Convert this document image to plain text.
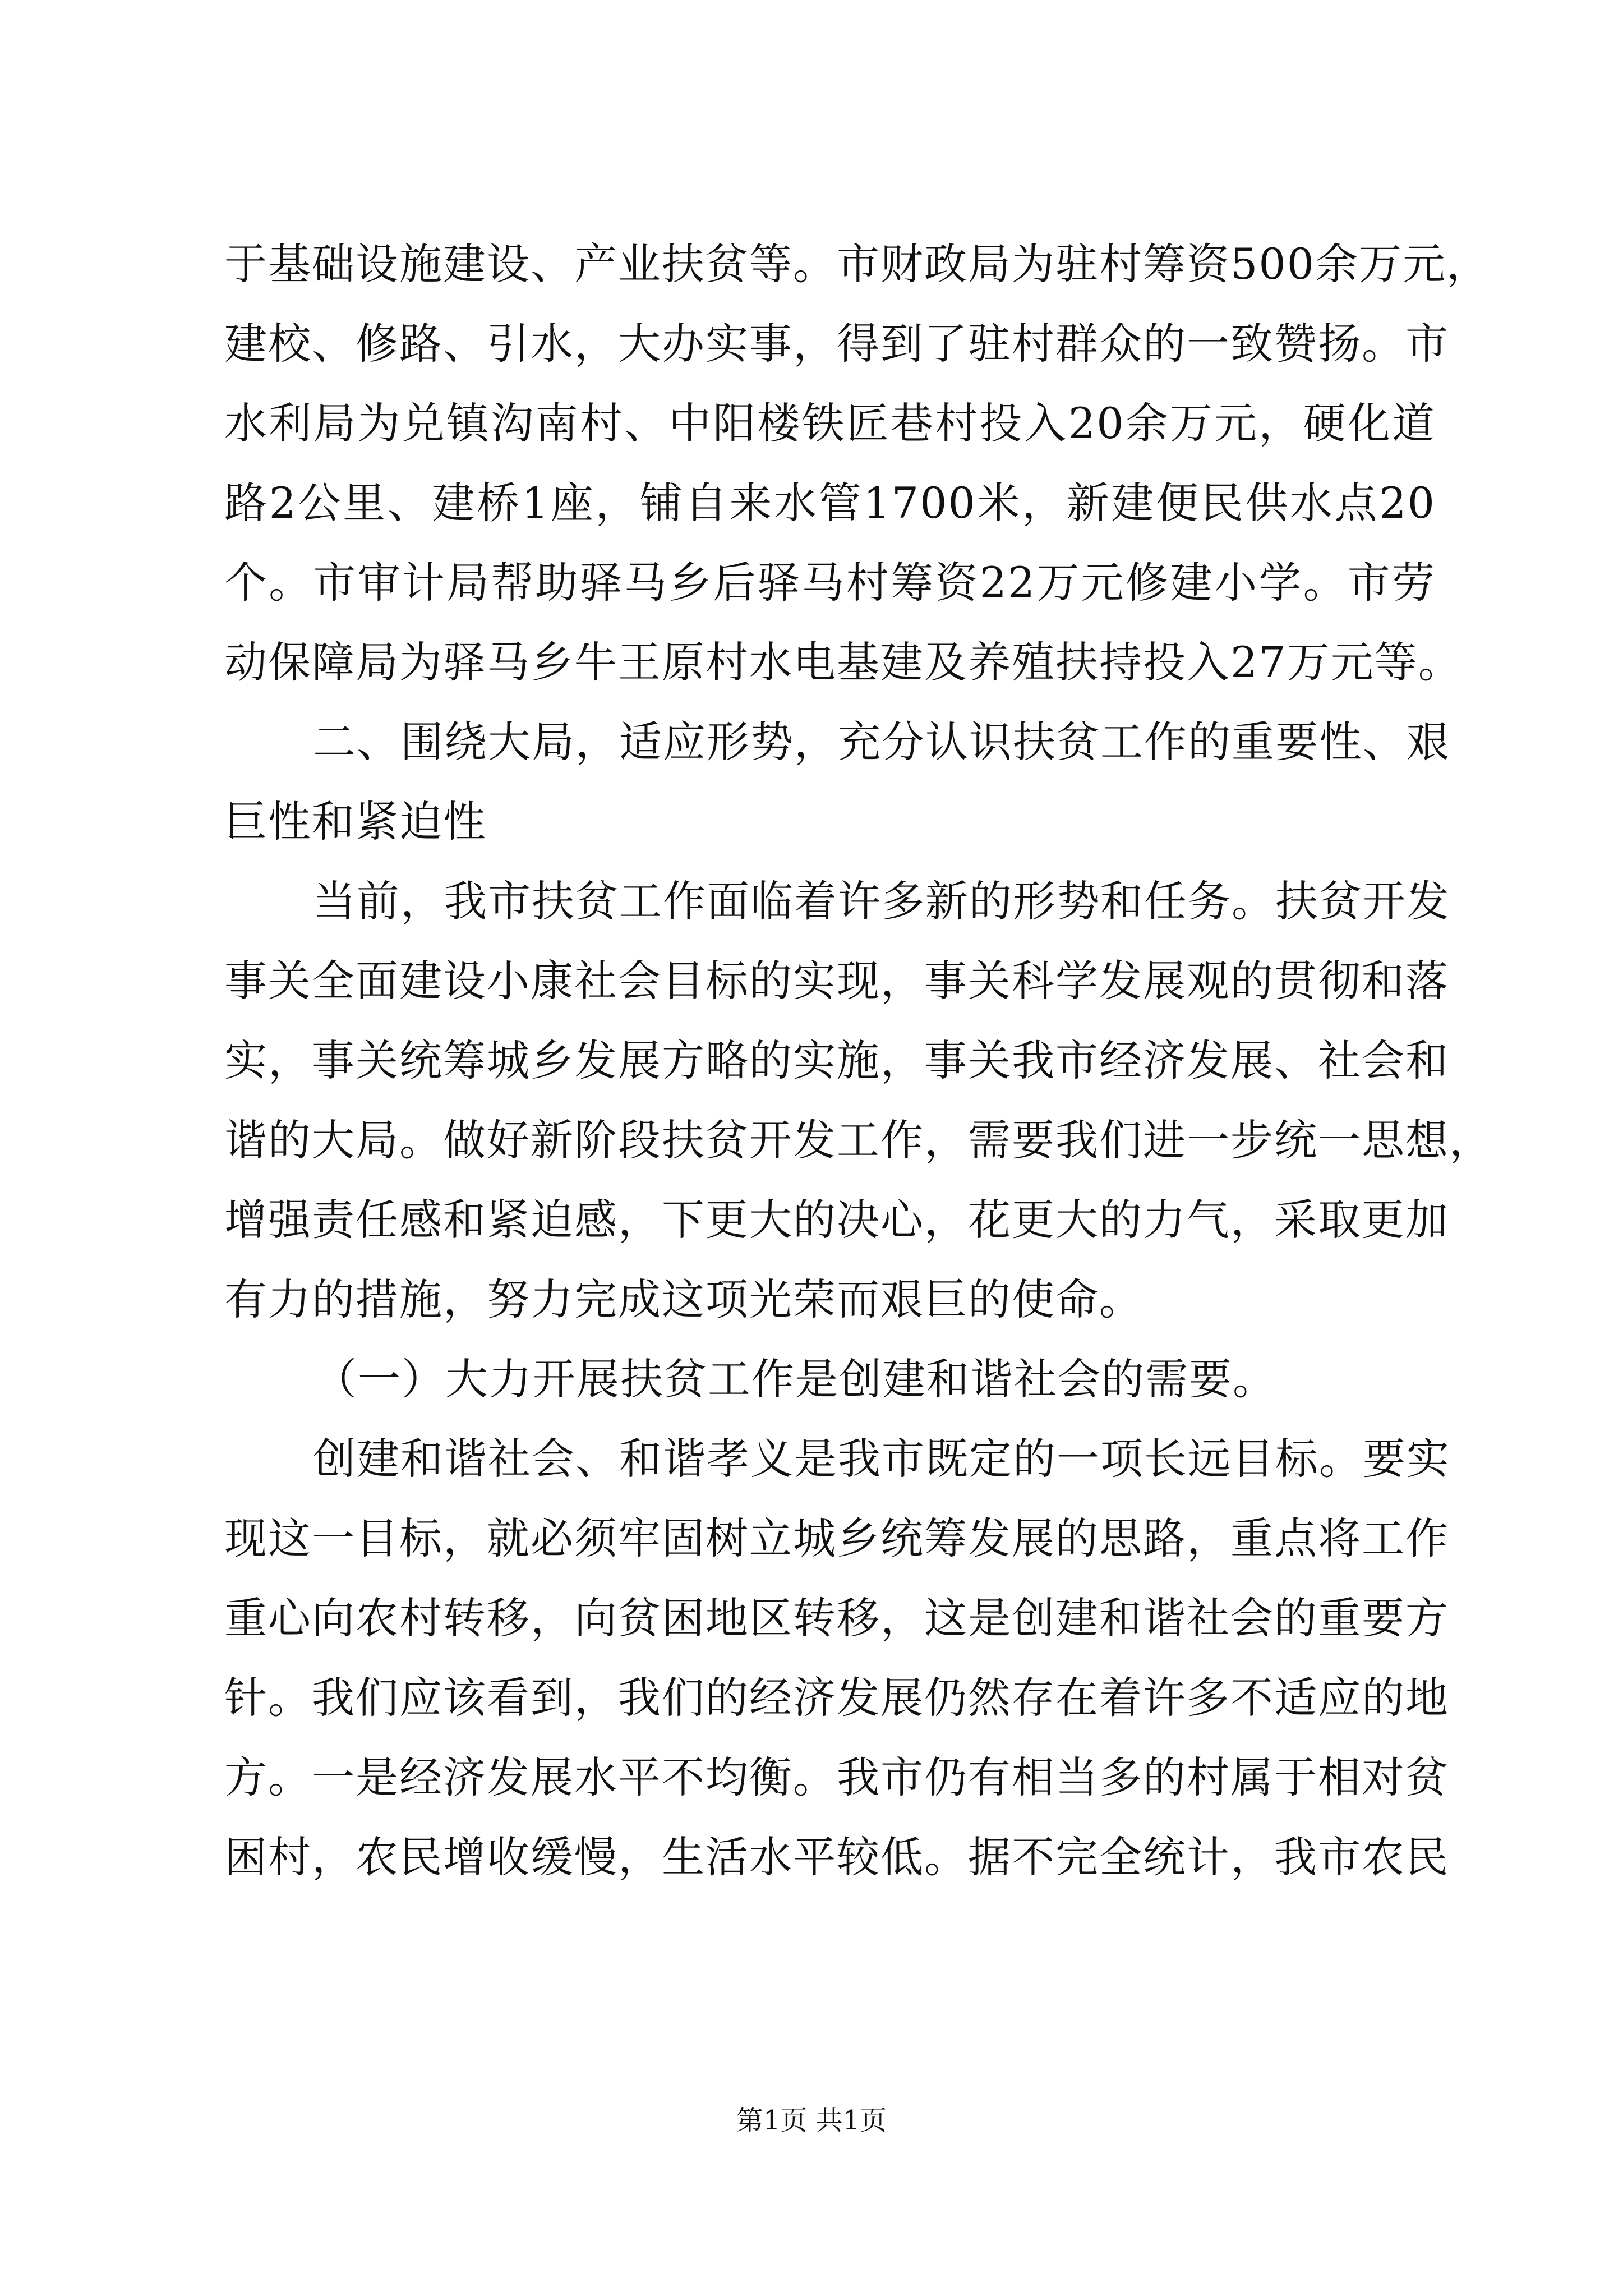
于基础设施建设、产业扶贫等。市财政局为驻村筹资500余万元，
建校、修路、引水，大办实事，得到了驻村群众的一致赞扬。市
水利局为兑镇沟南村、中阳楼铁匠巷村投入20余万元，硬化道
路2公里、建桥1座，铺自来水管1700米，新建便民供水点20
个。市审计局帮助驿马乡后驿马村筹资22万元修建小学。市劳
动保障局为驿马乡牛王原村水电基建及养殖扶持投入27万元等。
二、围绕大局，适应形势，充分认识扶贫工作的重要性、艰
巨性和紧迫性
当前，我市扶贫工作面临着许多新的形势和任务。扶贫开发
事关全面建设小康社会目标的实现，事关科学发展观的贯彻和落
实，事关统筹城乡发展方略的实施，事关我市经济发展、社会和
谐的大局。做好新阶段扶贫开发工作，需要我们进一步统一思想，
增强责任感和紧迫感，下更大的决心，花更大的力气，采取更加
有力的措施，努力完成这项光荣而艰巨的使命。
（一）大力开展扶贫工作是创建和谐社会的需要。
创建和谐社会、和谐孝义是我市既定的一项长远目标。要实
现这一目标，就必须牢固树立城乡统筹发展的思路，重点将工作
重心向农村转移，向贫困地区转移，这是创建和谐社会的重要方
针。我们应该看到，我们的经济发展仍然存在着许多不适应的地
方。一是经济发展水平不均衡。我市仍有相当多的村属于相对贫
困村，农民增收缓慢，生活水平较低。据不完全统计，我市农民
第1页 共1页
